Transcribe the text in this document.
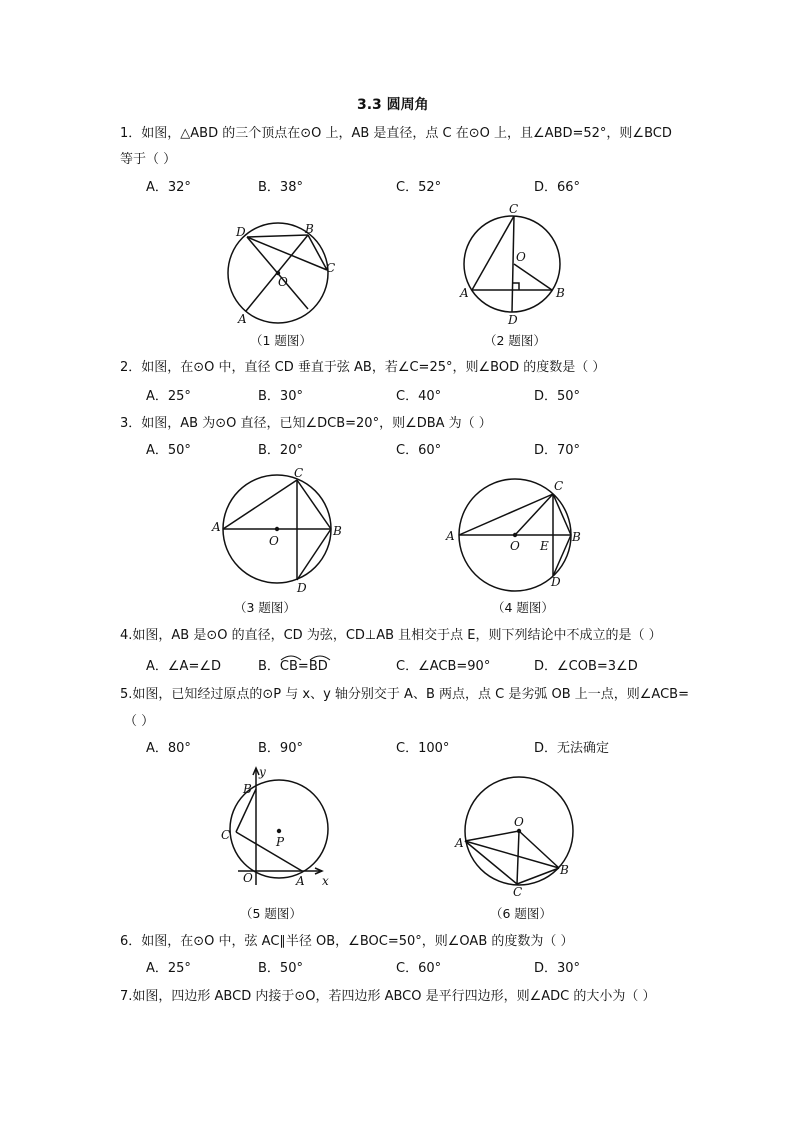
3.3 圆周角
1．如图，△ABD 的三个顶点在⊙O 上，AB 是直径，点 C 在⊙O 上，且∠ABD=52°，则∠BCD
等于（ ）
A．32°	B．38°	C．52°	D．66°
D	B
C
O
A
（1 题图）
C
O
A	B
D
（2 题图）
2．如图，在⊙O 中，直径 CD 垂直于弦 AB，若∠C=25°，则∠BOD 的度数是（ ）
A．25°	B．30°	C．40°	D．50°
3．如图，AB 为⊙O 直径，已知∠DCB=20°，则∠DBA 为（ ）
A．50°	B．20°	C．60°	D．70°
A
C
B
O
D
（3 题图）
A
C
B
O E
D
（4 题图）
4.如图，AB 是⊙O 的直径，CD 为弦，CD⊥AB 且相交于点 E，则下列结论中不成立的是（ ）
A．∠A=∠D	B．
CB=
BD	C．∠ACB=90°	D．∠COB=3∠D
5.如图，已知经过原点的⊙P 与 x、y 轴分别交于 A、B 两点，点 C 是劣弧 OB 上一点，则∠ACB=
（ ）
A．80°	B．90°	C．100°	D．无法确定
y
B
C	P
O	A x
（5 题图）
O
A
B
C
（6 题图）
6．如图，在⊙O 中，弦 AC∥半径 OB，∠BOC=50°，则∠OAB 的度数为（ ）
A．25°	B．50°	C．60°	D．30°
7.如图，四边形 ABCD 内接于⊙O，若四边形 ABCO 是平行四边形，则∠ADC 的大小为（ ）
